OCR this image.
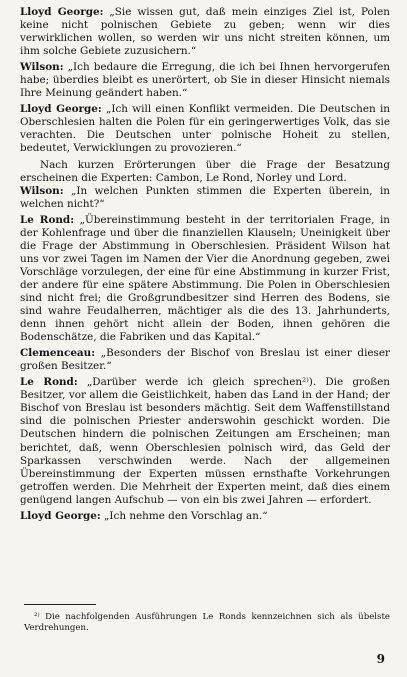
Lloyd George: „Sie wissen gut, daß mein einziges Ziel ist, Polen keine nicht polnischen Gebiete zu geben; wenn wir dies verwirklichen wollen, so werden wir uns nicht streiten können, um ihm solche Gebiete zuzusichern.“

Wilson: „Ich bedaure die Erregung, die ich bei Ihnen hervorgerufen habe; überdies bleibt es unerörtert, ob Sie in dieser Hinsicht niemals Ihre Meinung geändert haben.“

Lloyd George: „Ich will einen Konflikt vermeiden. Die Deutschen in Oberschlesien halten die Polen für ein geringerwertiges Volk, das sie verachten. Die Deutschen unter polnische Hoheit zu stellen, bedeutet, Verwicklungen zu provozieren.“

Nach kurzen Erörterungen über die Frage der Besatzung erscheinen die Experten: Cambon, Le Rond, Norley und Lord.

Wilson: „In welchen Punkten stimmen die Experten überein, in welchen nicht?“

Le Rond: „Übereinstimmung besteht in der territorialen Frage, in der Kohlenfrage und über die finanziellen Klauseln; Uneinigkeit über die Frage der Abstimmung in Oberschlesien. Präsident Wilson hat uns vor zwei Tagen im Namen der Vier die Anordnung gegeben, zwei Vorschläge vorzulegen, der eine für eine Abstimmung in kurzer Frist, der andere für eine spätere Abstimmung. Die Polen in Oberschlesien sind nicht frei; die Großgrundbesitzer sind Herren des Bodens, sie sind wahre Feudalherren, mächtiger als die des 13. Jahrhunderts, denn ihnen gehört nicht allein der Boden, ihnen gehören die Bodenschätze, die Fabriken und das Kapital.“

Clemenceau: „Besonders der Bischof von Breslau ist einer dieser großen Besitzer.“

Le Rond: „Darüber werde ich gleich sprechen²⁾). Die großen Besitzer, vor allem die Geistlichkeit, haben das Land in der Hand; der Bischof von Breslau ist besonders mächtig. Seit dem Waffenstillstand sind die polnischen Priester anderswohin geschickt worden. Die Deutschen hindern die polnischen Zeitungen am Erscheinen; man berichtet, daß, wenn Oberschlesien polnisch wird, das Geld der Sparkassen verschwinden werde. Nach der allgemeinen Übereinstimmung der Experten müssen ernsthafte Vorkehrungen getroffen werden. Die Mehrheit der Experten meint, daß dies einem genügend langen Aufschub — von ein bis zwei Jahren — erfordert.

Lloyd George: „Ich nehme den Vorschlag an.“

²⁾ Die nachfolgenden Ausführungen Le Ronds kennzeichnen sich als übelste Verdrehungen.
9
